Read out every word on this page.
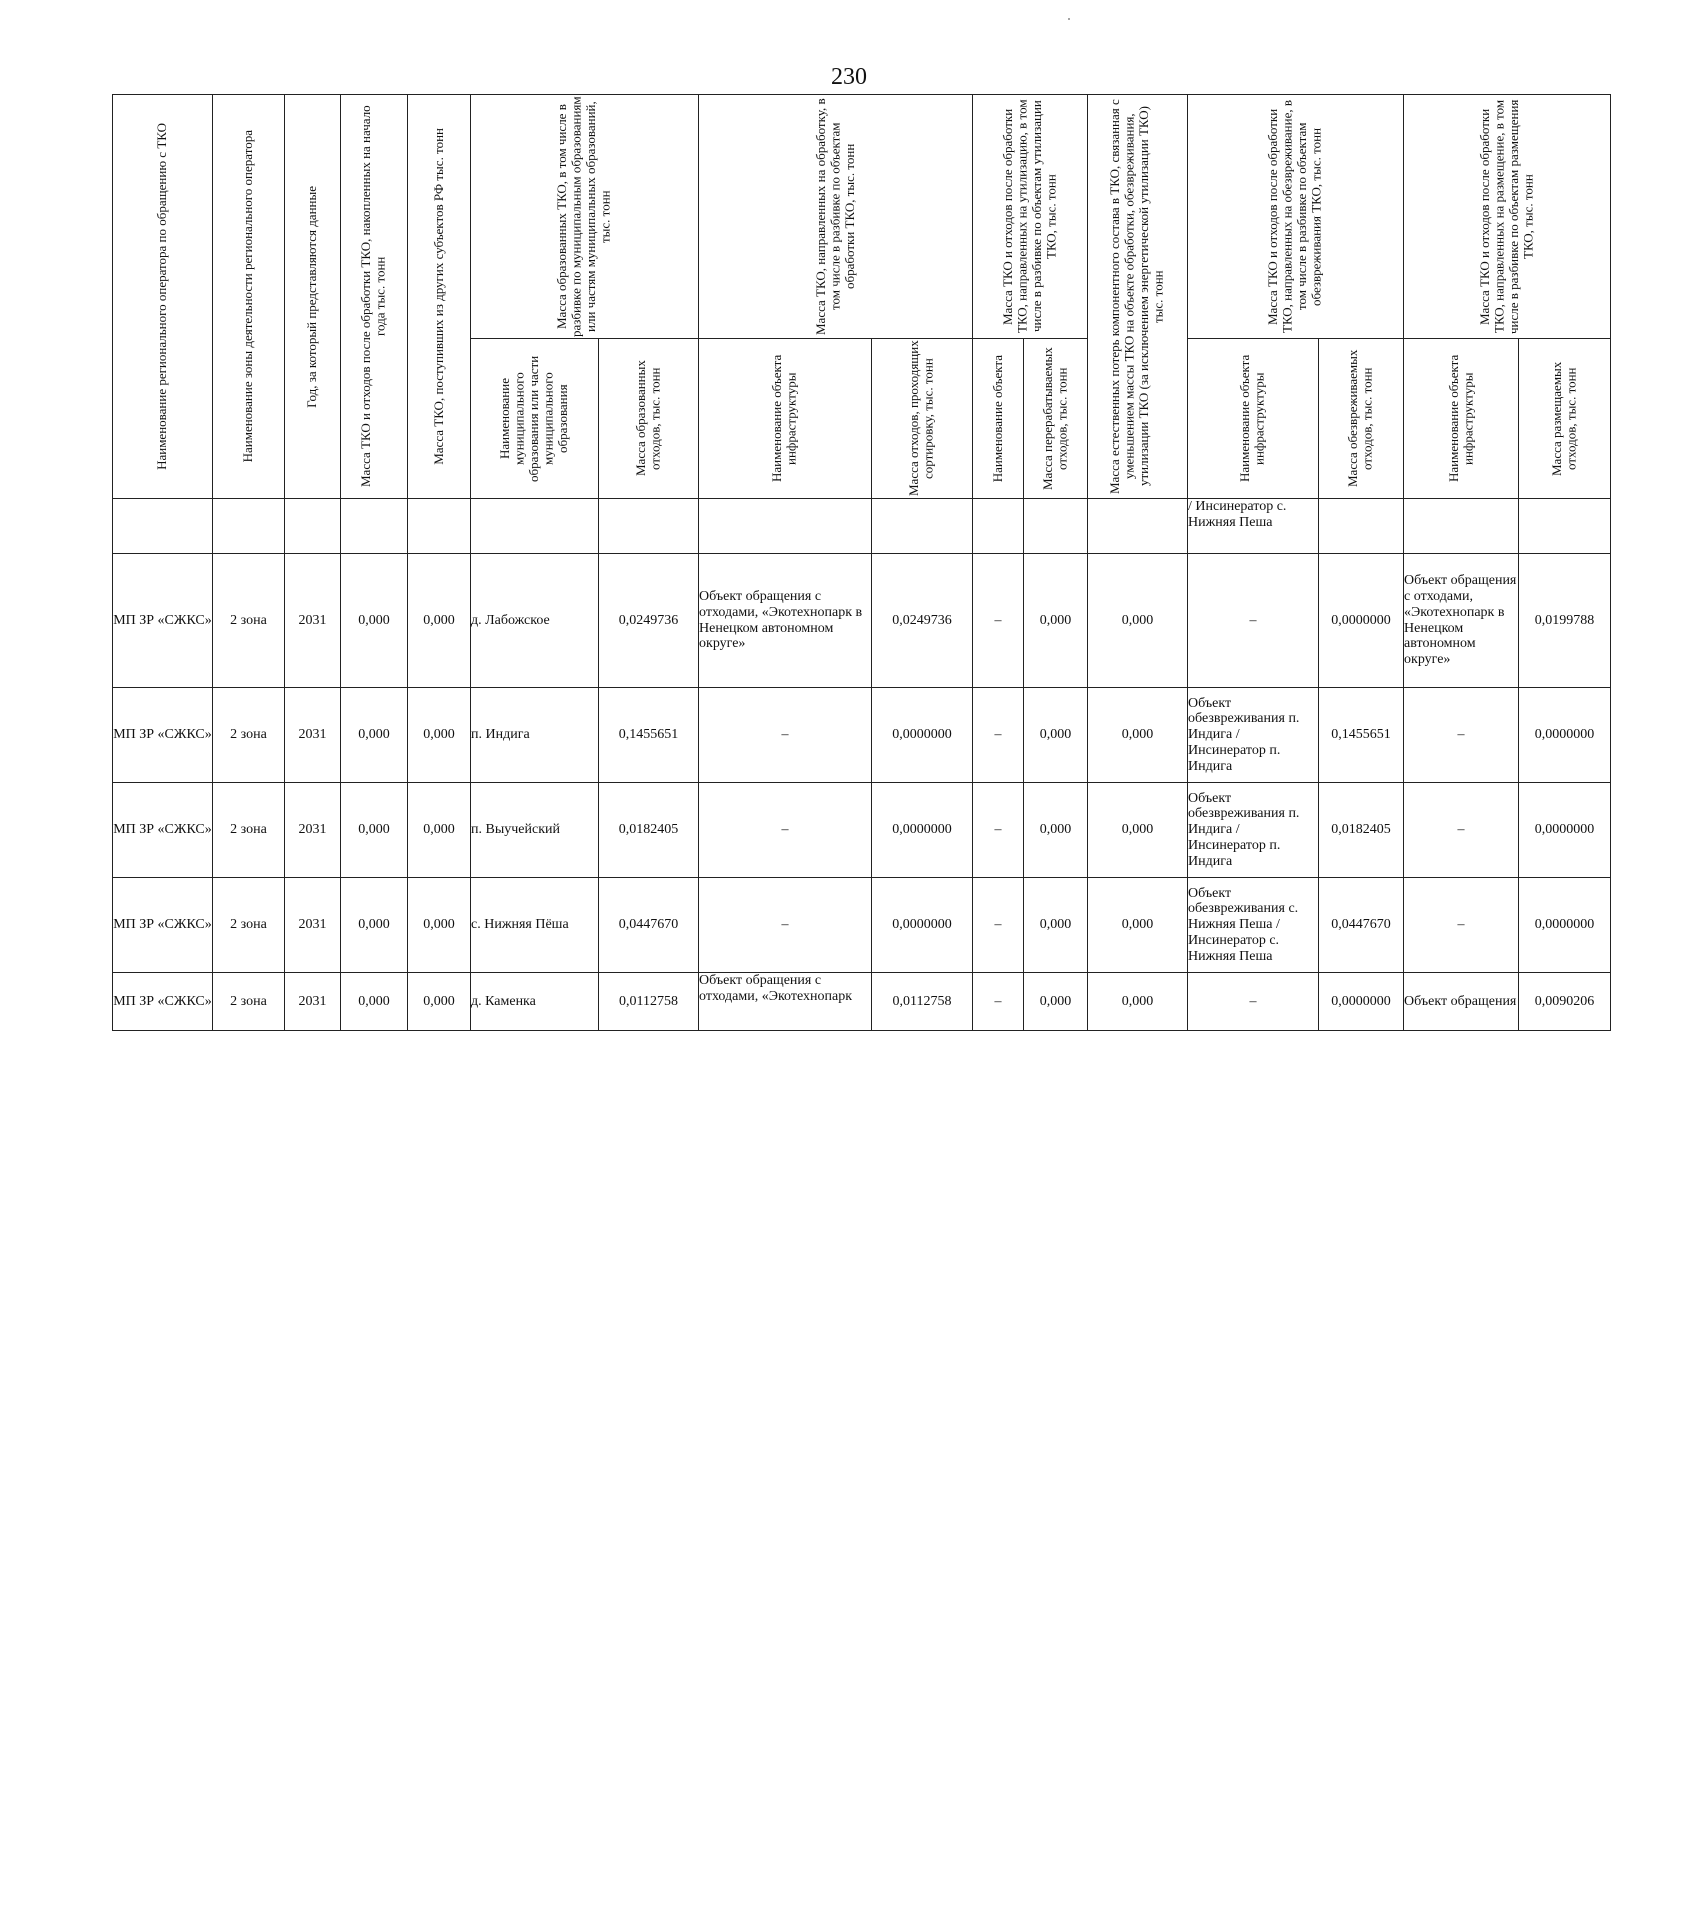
230
Наименование регионального оператора по обращению с ТКО	Наименование зоны деятельности регионального оператора	Год, за который представляются данные	Масса ТКО и отходов после обработки ТКО, накопленных на начало года тыс. тонн	Масса ТКО, поступивших из других субъектов РФ тыс. тонн	Масса образованных ТКО, в том числе в разбивке по муниципальным образованиям или частям муниципальных образований, тыс. тонн		Масса ТКО, направленных на обработку, в том числе в разбивке по объектам обработки ТКО, тыс. тонн		Масса ТКО и отходов после обработки ТКО, направленных на утилизацию, в том числе в разбивке по объектам утилизации ТКО, тыс. тонн		Масса естественных потерь компонентного состава в ТКО, связанная с уменьшением массы ТКО на объекте обработки, обезвреживания, утилизации ТКО (за исключением энергетической утилизации ТКО) тыс. тонн	Масса ТКО и отходов после обработки ТКО, направленных на обезвреживание, в том числе в разбивке по объектам обезвреживания ТКО, тыс. тонн		Масса ТКО и отходов после обработки ТКО, направленных на размещение, в том числе в разбивке по объектам размещения ТКО, тыс. тонн	

					Наименование муниципального образования или части муниципального образования	Масса образованных отходов, тыс. тонн	Наименование объекта инфраструктуры	Масса отходов, проходящих сортировку, тыс. тонн	Наименование объекта	Масса перерабатываемых отходов, тыс. тонн		Наименование объекта инфраструктуры	Масса обезвреживаемых отходов, тыс. тонн	Наименование объекта инфраструктуры	Масса размещаемых отходов, тыс. тонн

												/ Инсинератор с. Нижняя Пеша			
МП ЗР «СЖКС»	2 зона	2031	0,000	0,000	д. Лабожское	0,0249736	Объект обращения с отходами, «Экотехнопарк в Ненецком автономном округе»	0,0249736	–	0,000	0,000	–	0,0000000	Объект обращения с отходами, «Экотехнопарк в Ненецком автономном округе»	0,0199788
МП ЗР «СЖКС»	2 зона	2031	0,000	0,000	п. Индига	0,1455651	–	0,0000000	–	0,000	0,000	Объект обезвреживания п. Индига / Инсинератор п. Индига	0,1455651	–	0,0000000
МП ЗР «СЖКС»	2 зона	2031	0,000	0,000	п. Выучейский	0,0182405	–	0,0000000	–	0,000	0,000	Объект обезвреживания п. Индига / Инсинератор п. Индига	0,0182405	–	0,0000000
МП ЗР «СЖКС»	2 зона	2031	0,000	0,000	с. Нижняя Пёша	0,0447670	–	0,0000000	–	0,000	0,000	Объект обезвреживания с. Нижняя Пеша / Инсинератор с. Нижняя Пеша	0,0447670	–	0,0000000
МП ЗР «СЖКС»	2 зона	2031	0,000	0,000	д. Каменка	0,0112758	Объект обращения с отходами, «Экотехнопарк	0,0112758	–	0,000	0,000	–	0,0000000	Объект обращения	0,0090206
